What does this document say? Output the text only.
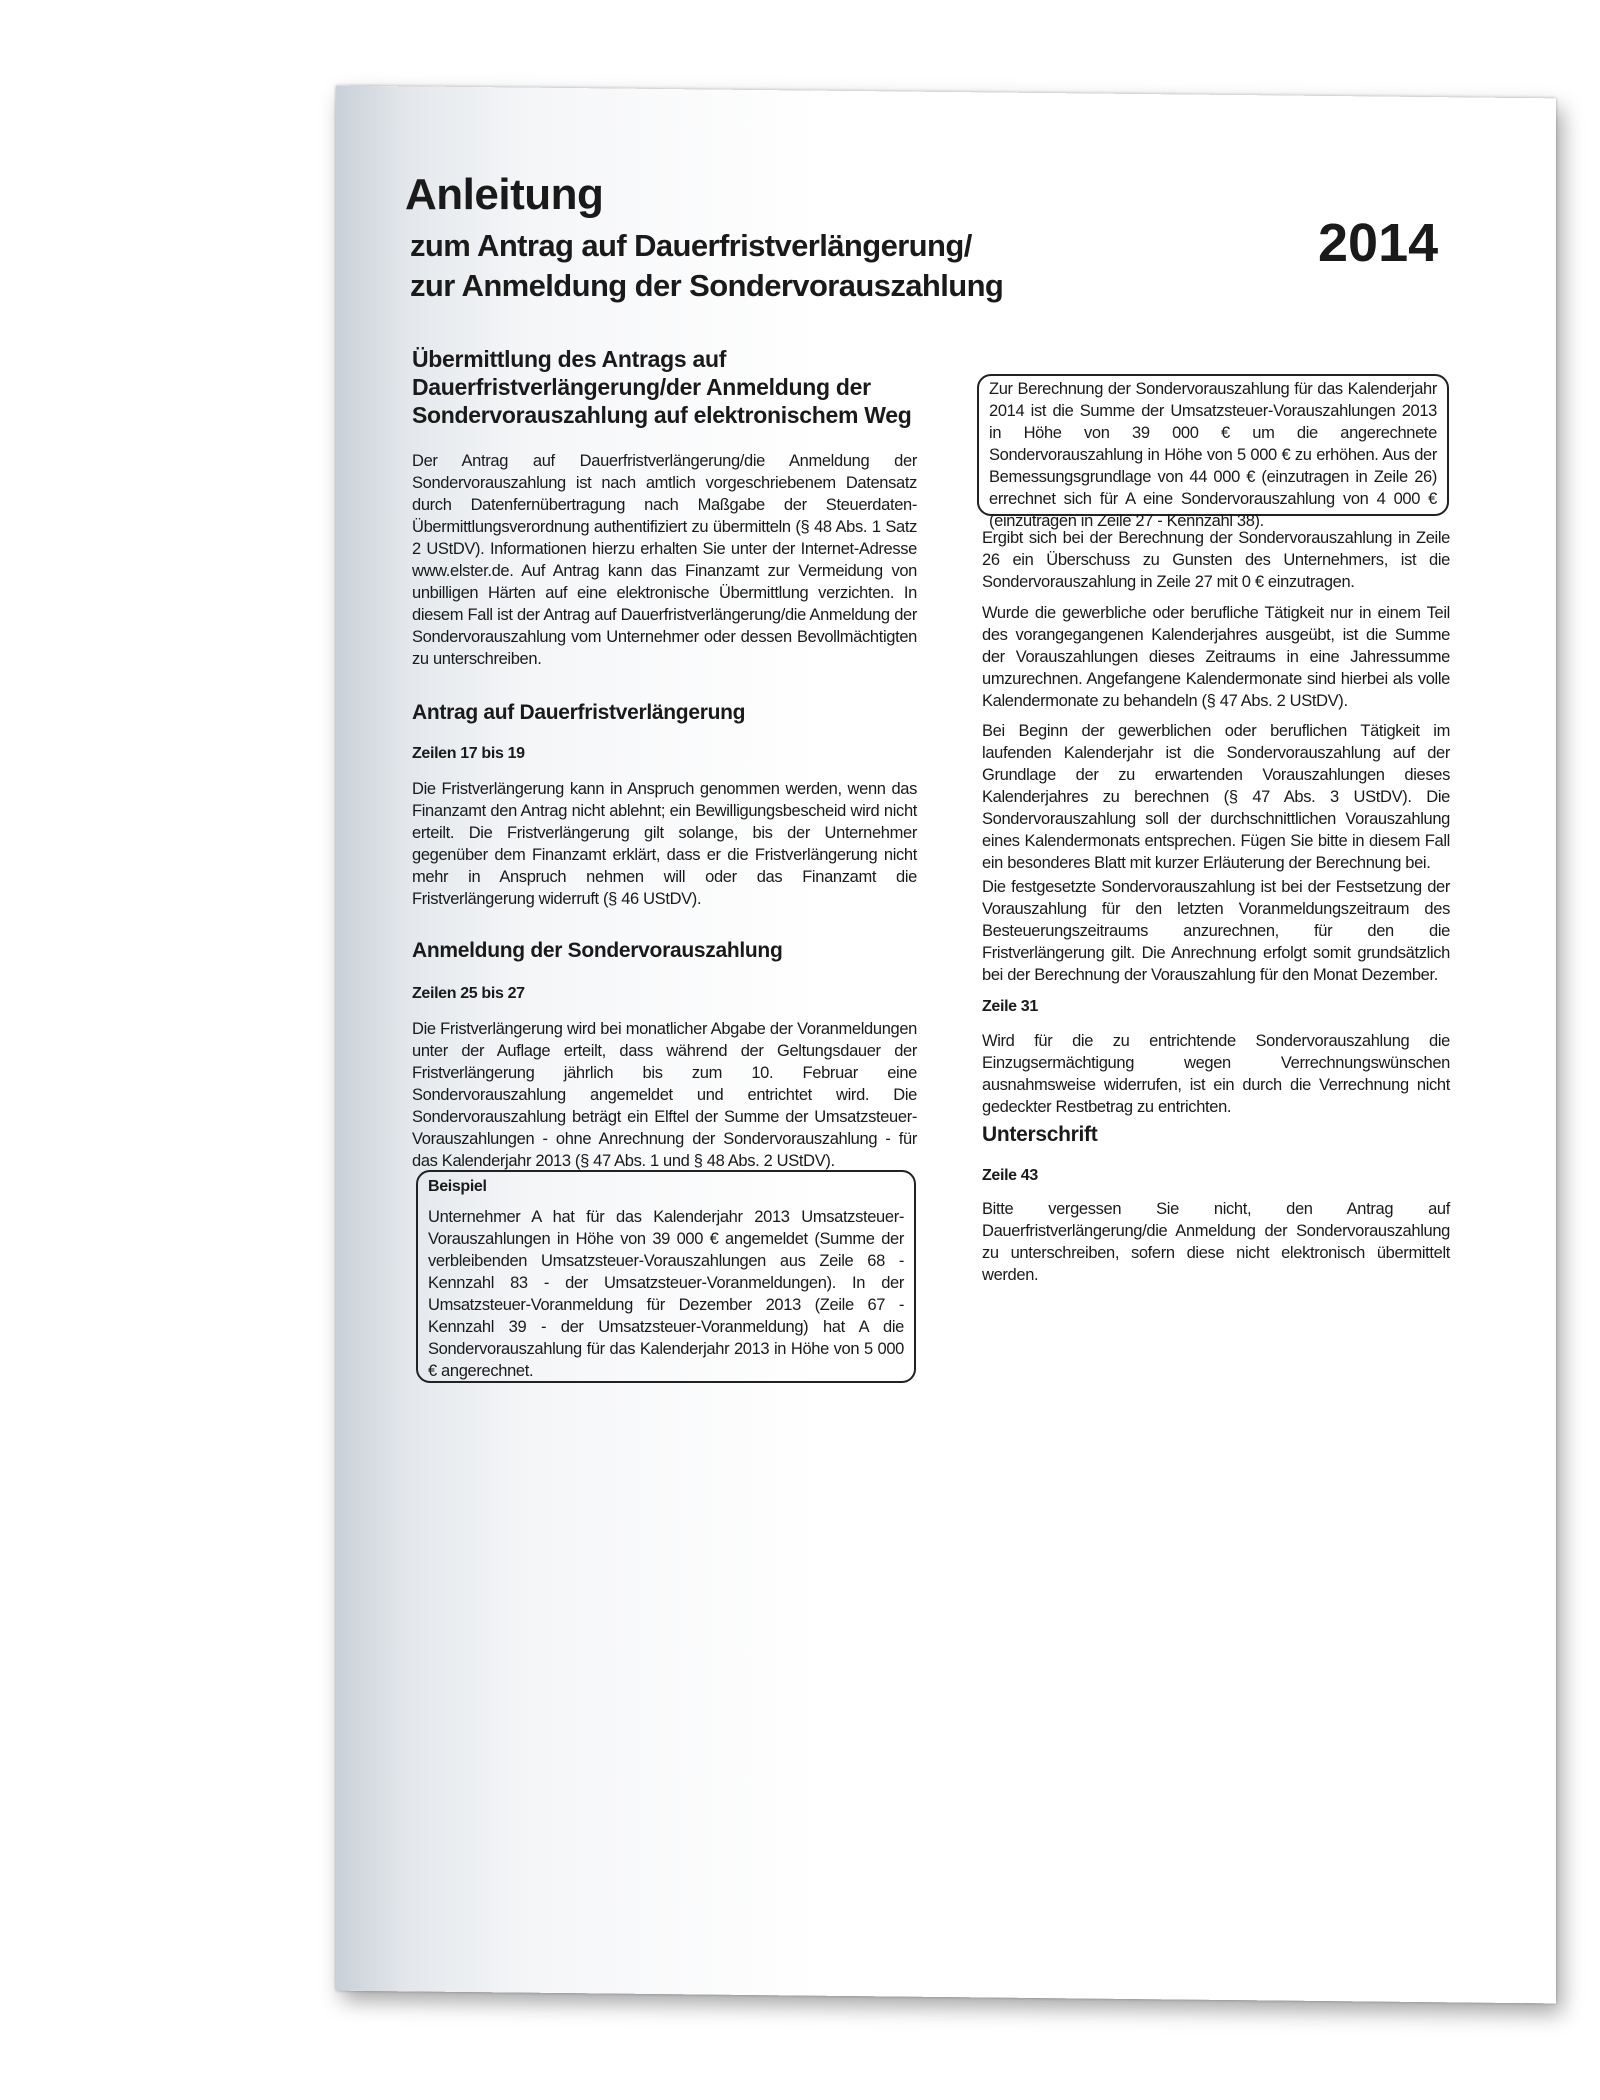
Anleitung
zum Antrag auf Dauerfristverlängerung/
zur Anmeldung der Sondervorauszahlung
2014
Übermittlung des Antrags auf Dauerfristverlängerung/der Anmeldung der Sondervorauszahlung auf elektronischem Weg
Der Antrag auf Dauerfristverlängerung/die Anmeldung der Sondervorauszahlung ist nach amtlich vorgeschriebenem Datensatz durch Datenfernübertragung nach Maßgabe der Steuerdaten-Übermittlungsverordnung authentifiziert zu übermitteln (§ 48 Abs. 1 Satz 2 UStDV). Informationen hierzu erhalten Sie unter der Internet-Adresse www.elster.de. Auf Antrag kann das Finanzamt zur Vermeidung von unbilligen Härten auf eine elektronische Übermittlung verzichten. In diesem Fall ist der Antrag auf Dauerfristverlängerung/die Anmeldung der Sondervorauszahlung vom Unternehmer oder dessen Bevollmächtigten zu unterschreiben.
Antrag auf Dauerfristverlängerung
Zeilen 17 bis 19
Die Fristverlängerung kann in Anspruch genommen werden, wenn das Finanzamt den Antrag nicht ablehnt; ein Bewilligungsbescheid wird nicht erteilt. Die Fristverlängerung gilt solange, bis der Unternehmer gegenüber dem Finanzamt erklärt, dass er die Fristverlängerung nicht mehr in Anspruch nehmen will oder das Finanzamt die Fristverlängerung widerruft (§ 46 UStDV).
Anmeldung der Sondervorauszahlung
Zeilen 25 bis 27
Die Fristverlängerung wird bei monatlicher Abgabe der Voranmeldungen unter der Auflage erteilt, dass während der Geltungsdauer der Fristverlängerung jährlich bis zum 10. Februar eine Sondervorauszahlung angemeldet und entrichtet wird. Die Sondervorauszahlung beträgt ein Elftel der Summe der Umsatzsteuer-Vorauszahlungen - ohne Anrechnung der Sondervorauszahlung - für das Kalenderjahr 2013 (§ 47 Abs. 1 und § 48 Abs. 2 UStDV).
Beispiel
Unternehmer A hat für das Kalenderjahr 2013 Umsatzsteuer-Vorauszahlungen in Höhe von 39 000 € angemeldet (Summe der verbleibenden Umsatzsteuer-Vorauszahlungen aus Zeile 68 - Kennzahl 83 - der Umsatzsteuer-Voranmeldungen). In der Umsatzsteuer-Voranmeldung für Dezember 2013 (Zeile 67 - Kennzahl 39 - der Umsatzsteuer-Voranmeldung) hat A die Sondervorauszahlung für das Kalenderjahr 2013 in Höhe von 5 000 € angerechnet.
Zur Berechnung der Sondervorauszahlung für das Kalenderjahr 2014 ist die Summe der Umsatzsteuer-Vorauszahlungen 2013 in Höhe von 39 000 € um die angerechnete Sondervorauszahlung in Höhe von 5 000 € zu erhöhen. Aus der Bemessungsgrundlage von 44 000 € (einzutragen in Zeile 26) errechnet sich für A eine Sondervorauszahlung von 4 000 € (einzutragen in Zeile 27 - Kennzahl 38).
Ergibt sich bei der Berechnung der Sondervorauszahlung in Zeile 26 ein Überschuss zu Gunsten des Unternehmers, ist die Sondervorauszahlung in Zeile 27 mit 0 € einzutragen.
Wurde die gewerbliche oder berufliche Tätigkeit nur in einem Teil des vorangegangenen Kalenderjahres ausgeübt, ist die Summe der Vorauszahlungen dieses Zeitraums in eine Jahressumme umzurechnen. Angefangene Kalendermonate sind hierbei als volle Kalendermonate zu behandeln (§ 47 Abs. 2 UStDV).
Bei Beginn der gewerblichen oder beruflichen Tätigkeit im laufenden Kalenderjahr ist die Sondervorauszahlung auf der Grundlage der zu erwartenden Vorauszahlungen dieses Kalenderjahres zu berechnen (§ 47 Abs. 3 UStDV). Die Sondervorauszahlung soll der durchschnittlichen Vorauszahlung eines Kalendermonats entsprechen. Fügen Sie bitte in diesem Fall ein besonderes Blatt mit kurzer Erläuterung der Berechnung bei.
Die festgesetzte Sondervorauszahlung ist bei der Festsetzung der Vorauszahlung für den letzten Voranmeldungszeitraum des Besteuerungszeitraums anzurechnen, für den die Fristverlängerung gilt. Die Anrechnung erfolgt somit grundsätzlich bei der Berechnung der Vorauszahlung für den Monat Dezember.
Zeile 31
Wird für die zu entrichtende Sondervorauszahlung die Einzugsermächtigung wegen Verrechnungswünschen ausnahmsweise widerrufen, ist ein durch die Verrechnung nicht gedeckter Restbetrag zu entrichten.
Unterschrift
Zeile 43
Bitte vergessen Sie nicht, den Antrag auf Dauerfristverlängerung/die Anmeldung der Sondervorauszahlung zu unterschreiben, sofern diese nicht elektronisch übermittelt werden.
